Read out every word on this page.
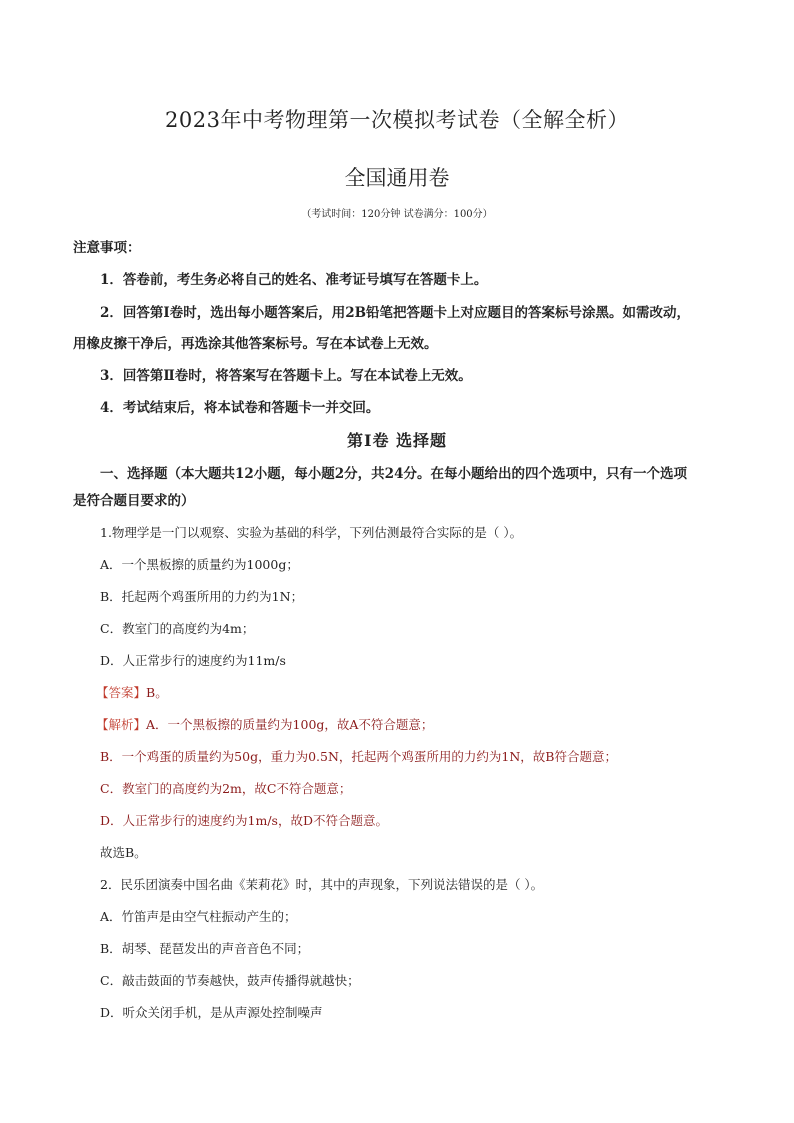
2023年中考物理第一次模拟考试卷（全解全析）
全国通用卷
（考试时间：120分钟 试卷满分：100分）
注意事项：
1．答卷前，考生务必将自己的姓名、准考证号填写在答题卡上。
2．回答第Ⅰ卷时，选出每小题答案后，用2B铅笔把答题卡上对应题目的答案标号涂黑。如需改动，
用橡皮擦干净后，再选涂其他答案标号。写在本试卷上无效。
3．回答第Ⅱ卷时，将答案写在答题卡上。写在本试卷上无效。
4．考试结束后，将本试卷和答题卡一并交回。
第Ⅰ卷 选择题
一、选择题（本大题共12小题，每小题2分，共24分。在每小题给出的四个选项中，只有一个选项
是符合题目要求的）
1.物理学是一门以观察、实验为基础的科学，下列估测最符合实际的是（ ）。
A．一个黑板擦的质量约为1000g；
B．托起两个鸡蛋所用的力约为1N；
C．教室门的高度约为4m；
D．人正常步行的速度约为11m/s
【答案】B。
【解析】A．一个黑板擦的质量约为100g，故A不符合题意；
B．一个鸡蛋的质量约为50g，重力为0.5N，托起两个鸡蛋所用的力约为1N，故B符合题意；
C．教室门的高度约为2m，故C不符合题意；
D．人正常步行的速度约为1m/s，故D不符合题意。
故选B。
2．民乐团演奏中国名曲《茉莉花》时，其中的声现象，下列说法错误的是（ ）。
A．竹笛声是由空气柱振动产生的；
B．胡琴、琵琶发出的声音音色不同；
C．敲击鼓面的节奏越快，鼓声传播得就越快；
D．听众关闭手机，是从声源处控制噪声
